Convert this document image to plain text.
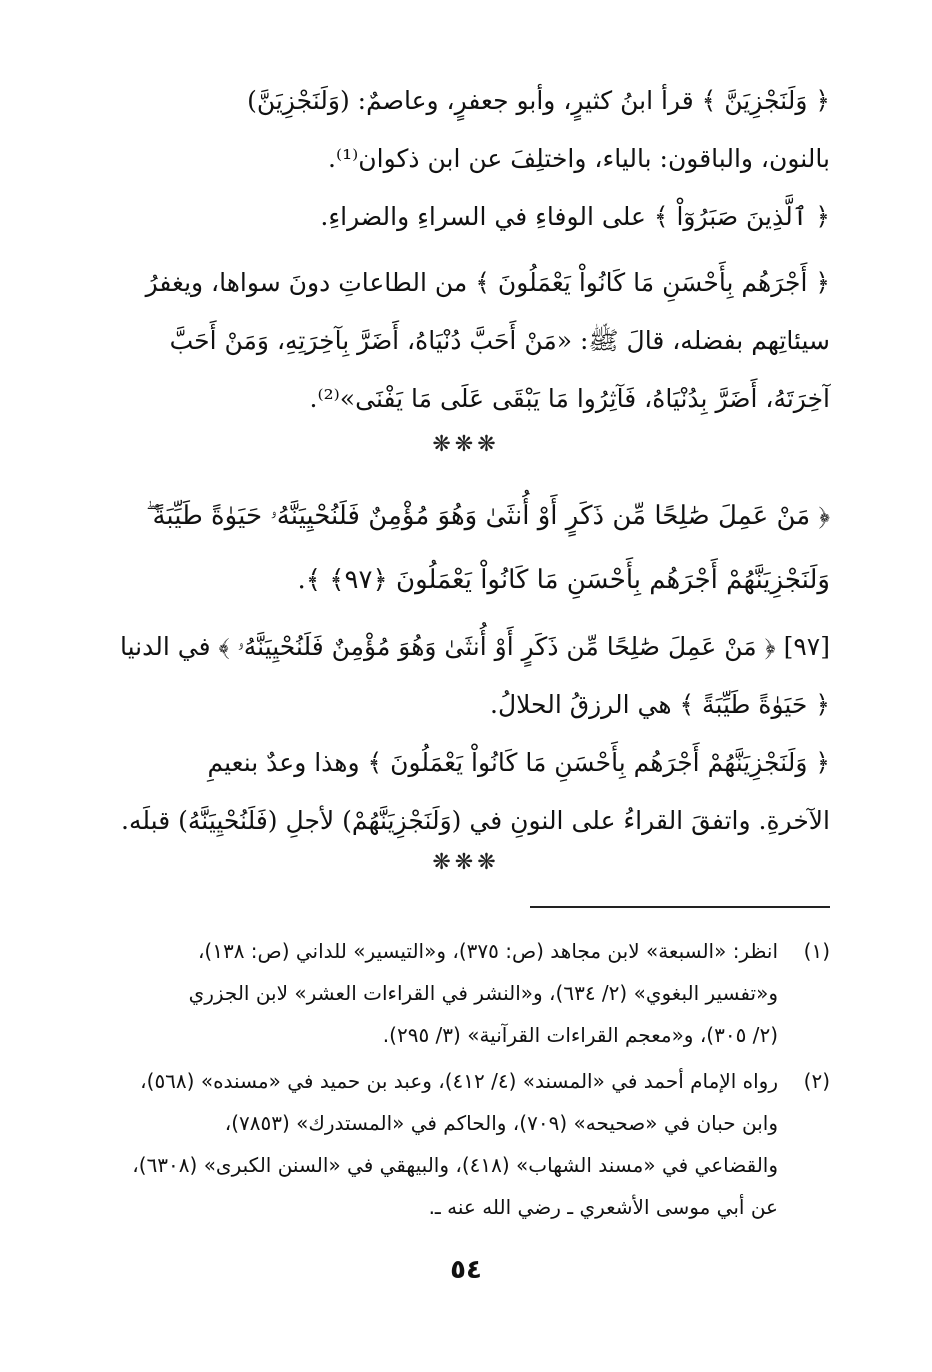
﴿ وَلَنَجْزِيَنَّ ﴾ قرأ ابنُ كثيرٍ، وأبو جعفرٍ، وعاصمٌ: (وَلَنَجْزِيَنَّ)
بالنون، والباقون: بالياء، واختلِفَ عن ابن ذكوان⁽¹⁾.

﴿ ٱلَّذِينَ صَبَرُوٓاْ ﴾ على الوفاءِ في السراءِ والضراءِ.

﴿ أَجْرَهُم بِأَحْسَنِ مَا كَانُواْ يَعْمَلُونَ ﴾ من الطاعاتِ دونَ سواها، ويغفرُ
سيئاتِهم بفضله، قالَ ﷺ: «مَنْ أَحَبَّ دُنْيَاهُ، أَضَرَّ بِآخِرَتِهِ، وَمَنْ أَحَبَّ
آخِرَتَهُ، أَضَرَّ بِدُنْيَاهُ، فَآثِرُوا مَا يَبْقَى عَلَى مَا يَفْنَى»⁽²⁾.

❋❋❋
﴿ مَنْ عَمِلَ صَٰلِحًا مِّن ذَكَرٍ أَوْ أُنثَىٰ وَهُوَ مُؤْمِنٌ فَلَنُحْيِيَنَّهُۥ حَيَوٰةً طَيِّبَةً ۖ
وَلَنَجْزِيَنَّهُمْ أَجْرَهُم بِأَحْسَنِ مَا كَانُواْ يَعْمَلُونَ ﴿٩٧﴾ ﴾.

[٩٧] ﴿ مَنْ عَمِلَ صَٰلِحًا مِّن ذَكَرٍ أَوْ أُنثَىٰ وَهُوَ مُؤْمِنٌ فَلَنُحْيِيَنَّهُۥ ﴾ في الدنيا
﴿ حَيَوٰةً طَيِّبَةً ﴾ هي الرزقُ الحلالُ.

﴿ وَلَنَجْزِيَنَّهُمْ أَجْرَهُم بِأَحْسَنِ مَا كَانُواْ يَعْمَلُونَ ﴾ وهذا وعدٌ بنعيمِ
الآخرةِ. واتفقَ القراءُ على النونِ في (وَلَنَجْزِيَنَّهُمْ) لأجلِ (فَلَنُحْيِيَنَّهُ) قبلَه.

❋❋❋
(١)
انظر: «السبعة» لابن مجاهد (ص: ٣٧٥)، و«التيسير» للداني (ص: ١٣٨)،
و«تفسير البغوي» (٢/ ٦٣٤)، و«النشر في القراءات العشر» لابن الجزري
(٢/ ٣٠٥)، و«معجم القراءات القرآنية» (٣/ ٢٩٥).
(٢)
رواه الإمام أحمد في «المسند» (٤/ ٤١٢)، وعبد بن حميد في «مسنده» (٥٦٨)،
وابن حبان في «صحيحه» (٧٠٩)، والحاكم في «المستدرك» (٧٨٥٣)،
والقضاعي في «مسند الشهاب» (٤١٨)، والبيهقي في «السنن الكبرى» (٦٣٠٨)،
عن أبي موسى الأشعري ـ رضي الله عنه ـ.
٥٤
